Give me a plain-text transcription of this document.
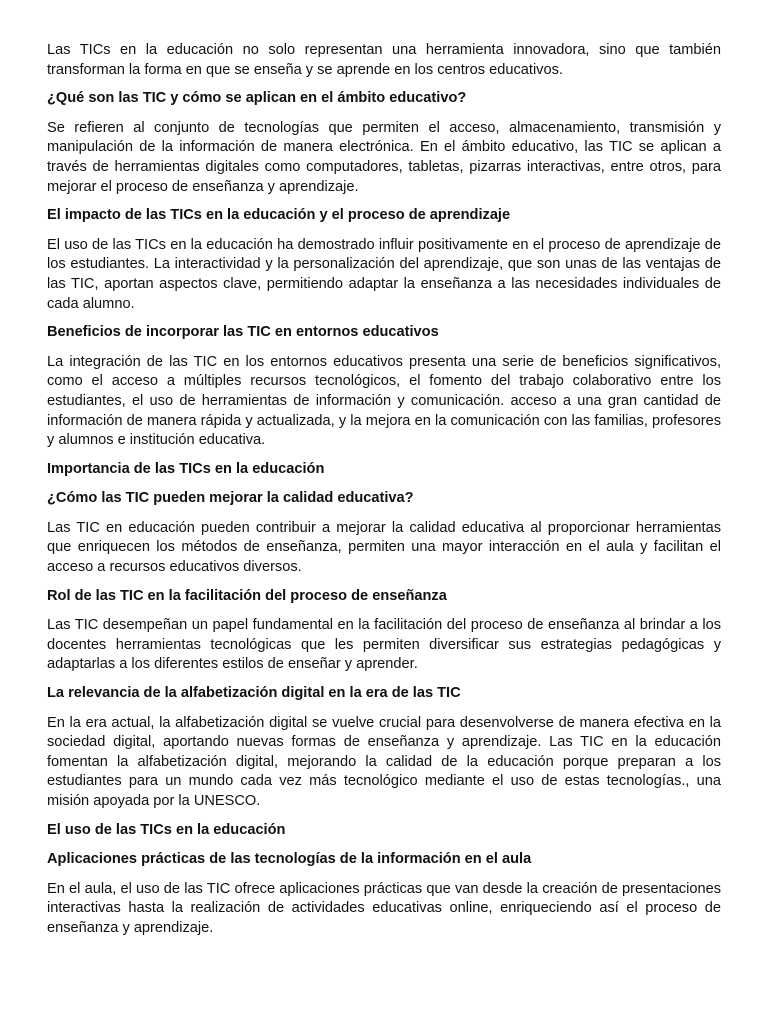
Las TICs en la educación no solo representan una herramienta innovadora, sino que también transforman la forma en que se enseña y se aprende en los centros educativos.

¿Qué son las TIC y cómo se aplican en el ámbito educativo?

Se refieren al conjunto de tecnologías que permiten el acceso, almacenamiento, transmisión y manipulación de la información de manera electrónica. En el ámbito educativo, las TIC se aplican a través de herramientas digitales como computadores, tabletas, pizarras interactivas, entre otros, para mejorar el proceso de enseñanza y aprendizaje.

El impacto de las TICs en la educación y el proceso de aprendizaje

El uso de las TICs en la educación ha demostrado influir positivamente en el proceso de aprendizaje de los estudiantes. La interactividad y la personalización del aprendizaje, que son unas de las ventajas de las TIC, aportan aspectos clave, permitiendo adaptar la enseñanza a las necesidades individuales de cada alumno.

Beneficios de incorporar las TIC en entornos educativos

La integración de las TIC en los entornos educativos presenta una serie de beneficios significativos, como el acceso a múltiples recursos tecnológicos, el fomento del trabajo colaborativo entre los estudiantes, el uso de herramientas de información y comunicación. acceso a una gran cantidad de información de manera rápida y actualizada, y la mejora en la comunicación con las familias, profesores y alumnos e institución educativa.

Importancia de las TICs en la educación
¿Cómo las TIC pueden mejorar la calidad educativa?

Las TIC en educación pueden contribuir a mejorar la calidad educativa al proporcionar herramientas que enriquecen los métodos de enseñanza, permiten una mayor interacción en el aula y facilitan el acceso a recursos educativos diversos.

Rol de las TIC en la facilitación del proceso de enseñanza

Las TIC desempeñan un papel fundamental en la facilitación del proceso de enseñanza al brindar a los docentes herramientas tecnológicas que les permiten diversificar sus estrategias pedagógicas y adaptarlas a los diferentes estilos de enseñar y aprender.

La relevancia de la alfabetización digital en la era de las TIC

En la era actual, la alfabetización digital se vuelve crucial para desenvolverse de manera efectiva en la sociedad digital, aportando nuevas formas de enseñanza y aprendizaje. Las TIC en la educación fomentan la alfabetización digital, mejorando la calidad de la educación porque preparan a los estudiantes para un mundo cada vez más tecnológico mediante el uso de estas tecnologías., una misión apoyada por la UNESCO.

El uso de las TICs en la educación
Aplicaciones prácticas de las tecnologías de la información en el aula

En el aula, el uso de las TIC ofrece aplicaciones prácticas que van desde la creación de presentaciones interactivas hasta la realización de actividades educativas online, enriqueciendo así el proceso de enseñanza y aprendizaje.
